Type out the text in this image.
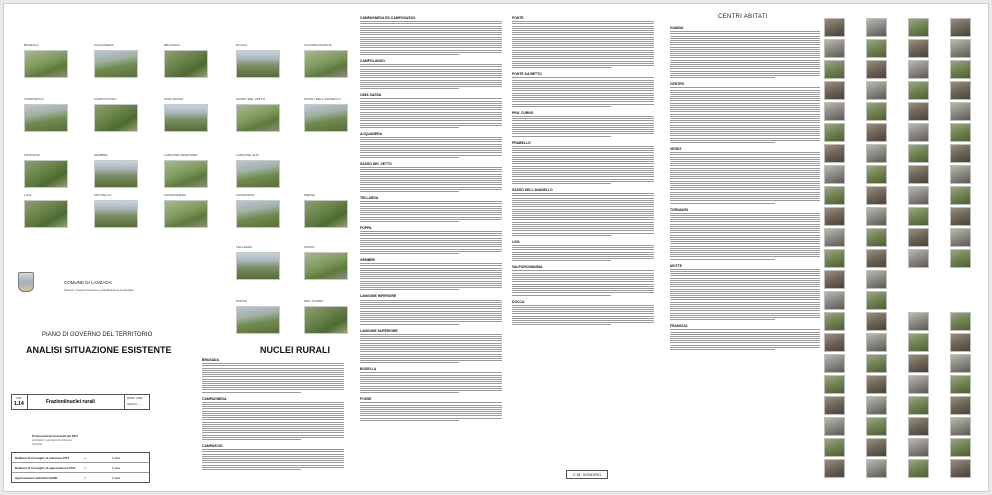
BOSELLA	ACQUANERA	BRUGAGA	DOCCA	VALPORCHIANINA
CAMPAROLO	CAMPOLUNGO	CIMA SASSA	SASSO DEL VETTO	SASSO DELL'AVANELLO
FRANSCIA	GEMBRE	LANGUNE INFERIORE	LANGUNE SUP.
LIVIL	PRA BELLO	CAMPAGNEDA	CAMPASCIO	PRESE
TELLARDA	FOPPA
PONTE	PRA' CURNO
COMUNE DI LANZADA
Settore: programmazione e pianificazione territoriale
PIANO DI GOVERNO DEL TERRITORIO
ANALISI SITUAZIONE ESISTENTE	NUCLEI RURALI
TAV.
1.14	Frazioni/nuclei rurali
DATA: 2011
SCALA: --
Professionisti incaricati del PGT
Architetti: Lazzarini Del Rosso
Sondrio
Delibera di Consiglio di adozione PGT	n.	il data
Delibera di Consiglio di approvazione PGT	n.	il data
Approvazione definitiva BURL	n.	il data
BRUSADA
CAMPAGNEDA
CAMPASCIO
CAMPAGNEDA ED CAMPOSASSO
CAMPOLUNGO
CIMA SASSA
ACQUANERA
SASSO DEL VETTO
TELLARDA
FOPPA
GEMBRE
LANGUNE INFERIORE
LANGUNE SUPERIORE
BOSELLA
FOSSE
PONTE
PONTE DA BETTO
PRA' CURNO
PRABELLO
SASSO DELL'AVANELLO
LIVIL
VALPORCHIANINA
DOCCA
C.M. SONDRIO
CENTRI ABITATI
GIANDA
CENTRO
VEGEZ
TORNADRI
MOTTE
FRANSCIA
